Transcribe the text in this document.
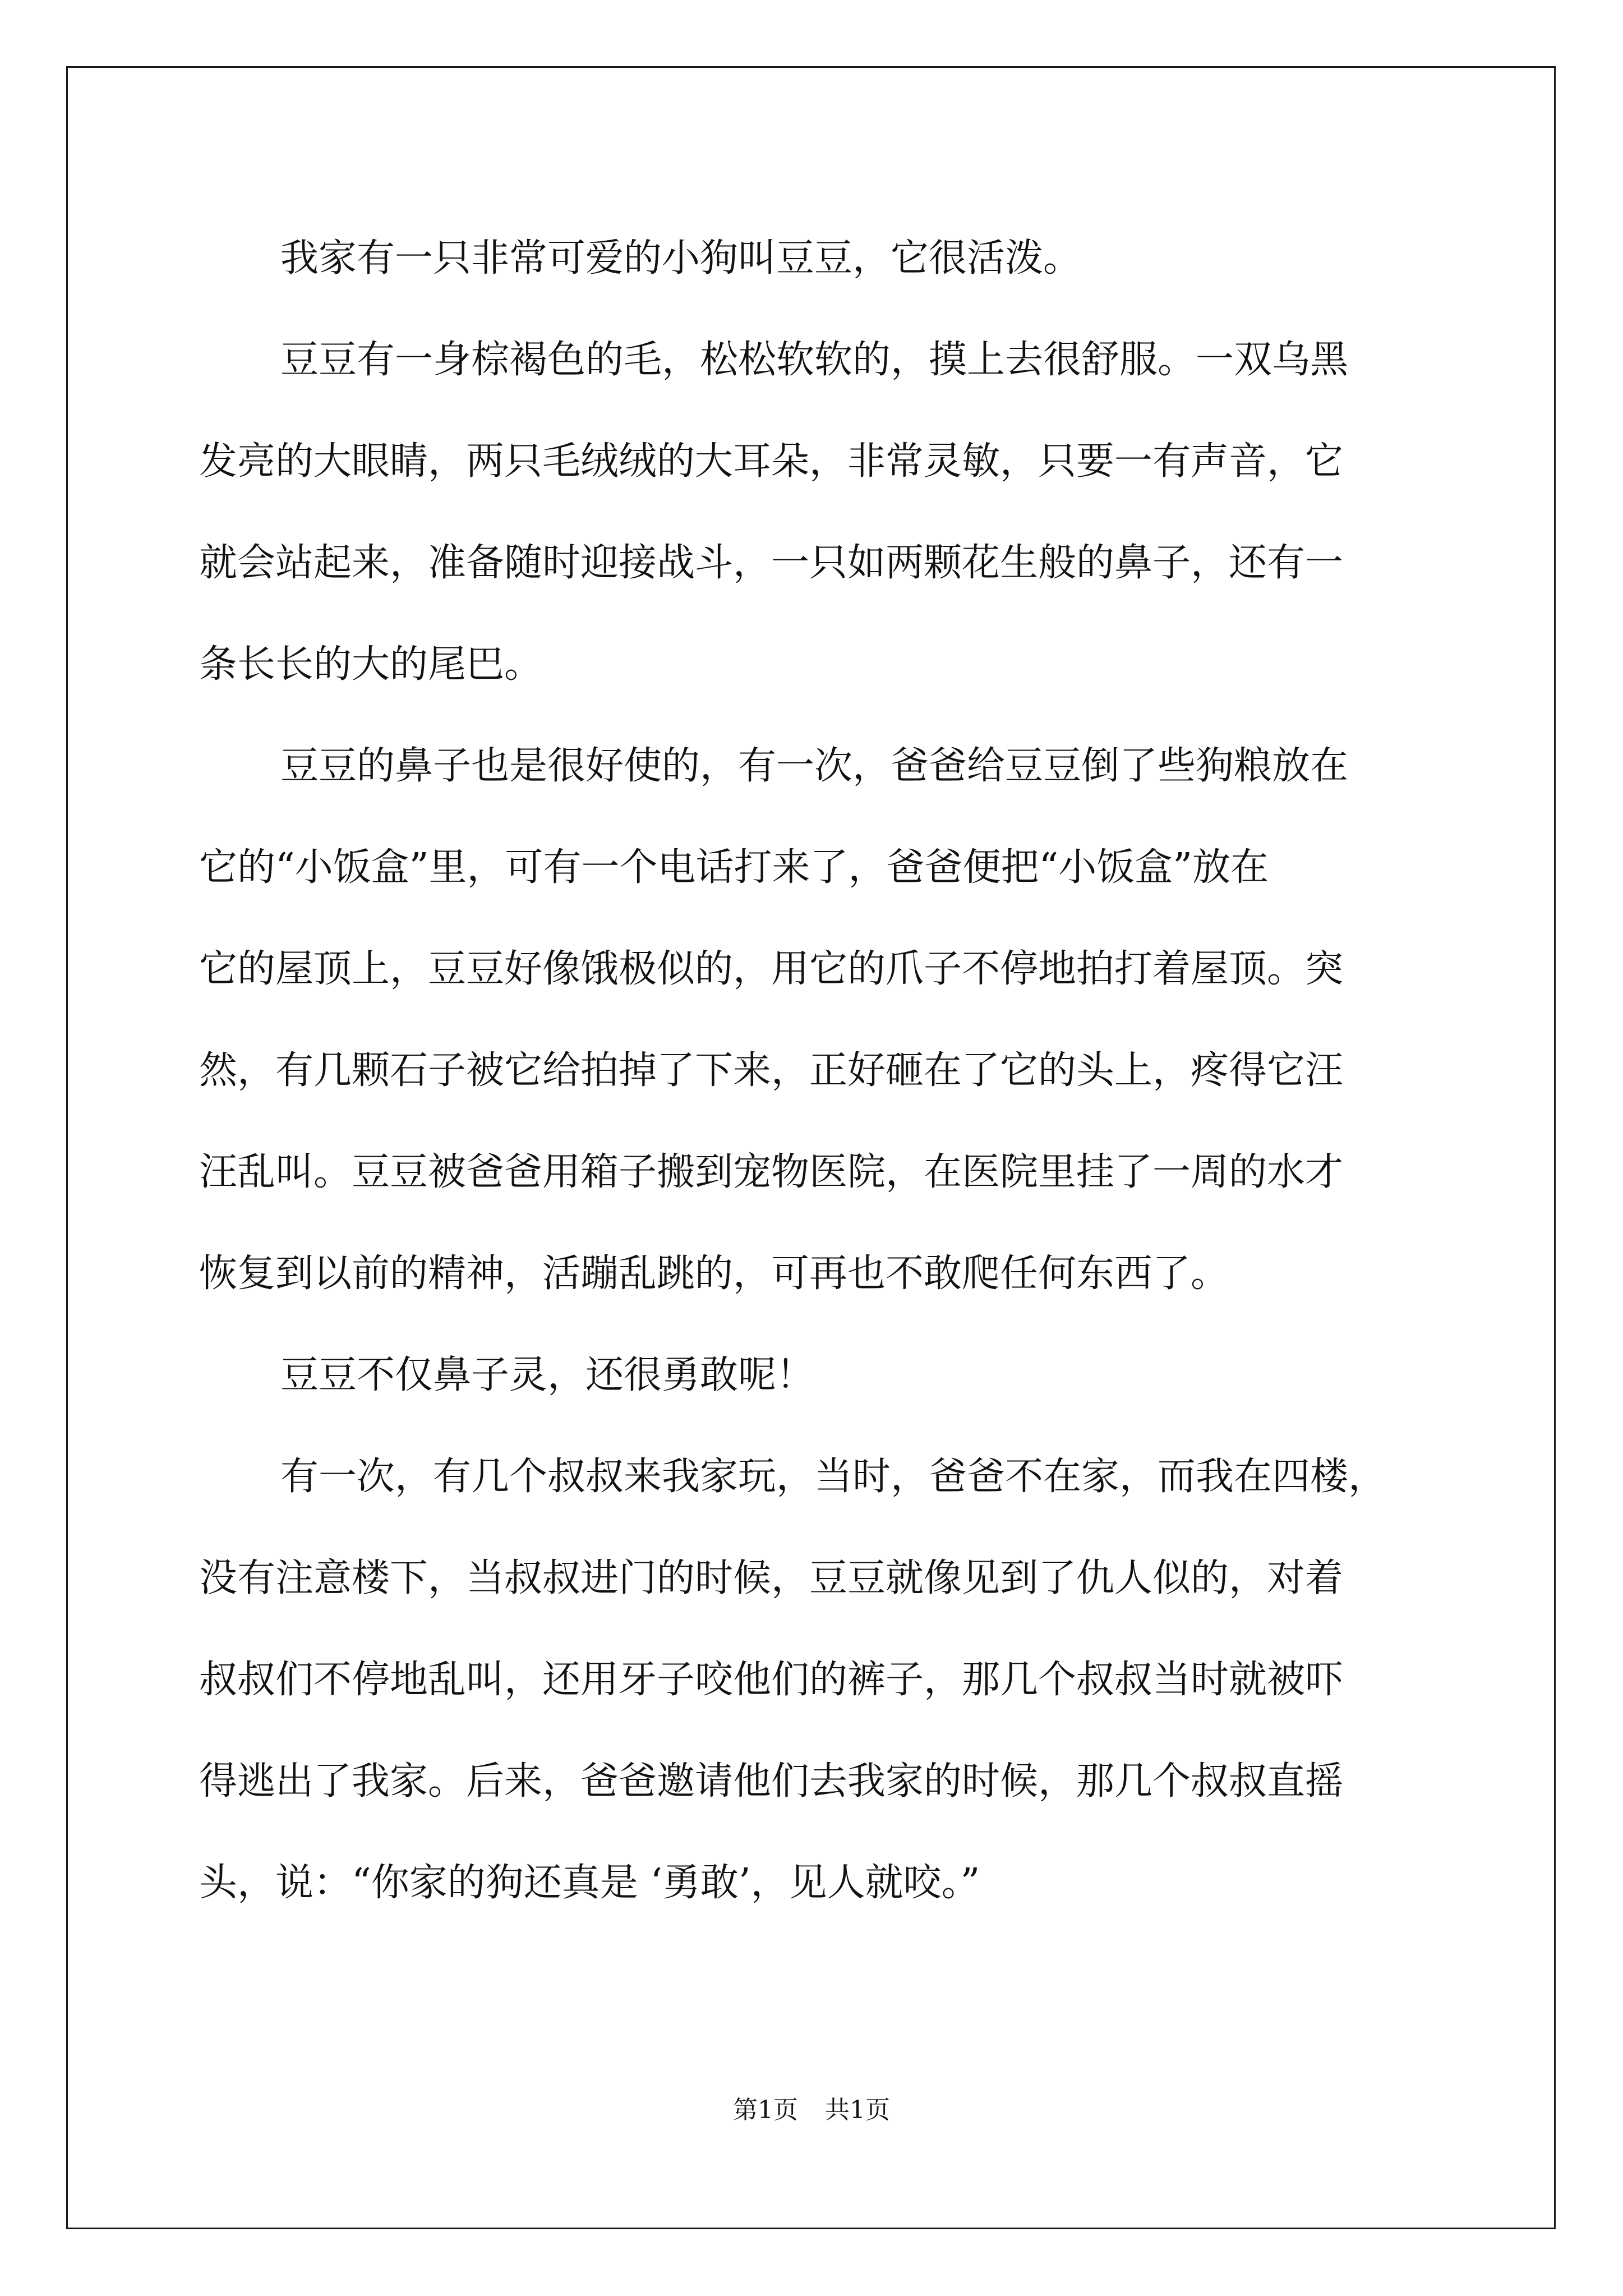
我家有一只非常可爱的小狗叫豆豆，它很活泼。
豆豆有一身棕褐色的毛，松松软软的，摸上去很舒服。一双乌黑
发亮的大眼睛，两只毛绒绒的大耳朵，非常灵敏，只要一有声音，它
就会站起来，准备随时迎接战斗，一只如两颗花生般的鼻子，还有一
条长长的大的尾巴。
豆豆的鼻子也是很好使的，有一次，爸爸给豆豆倒了些狗粮放在
它的“小饭盒”里，可有一个电话打来了，爸爸便把“小饭盒”放在
它的屋顶上，豆豆好像饿极似的，用它的爪子不停地拍打着屋顶。突
然，有几颗石子被它给拍掉了下来，正好砸在了它的头上，疼得它汪
汪乱叫。豆豆被爸爸用箱子搬到宠物医院，在医院里挂了一周的水才
恢复到以前的精神，活蹦乱跳的，可再也不敢爬任何东西了。
豆豆不仅鼻子灵，还很勇敢呢！
有一次，有几个叔叔来我家玩，当时，爸爸不在家，而我在四楼，
没有注意楼下，当叔叔进门的时候，豆豆就像见到了仇人似的，对着
叔叔们不停地乱叫，还用牙子咬他们的裤子，那几个叔叔当时就被吓
得逃出了我家。后来，爸爸邀请他们去我家的时候，那几个叔叔直摇
头，说：“你家的狗还真是 ‘勇敢’，见人就咬。”
第1页 共1页
